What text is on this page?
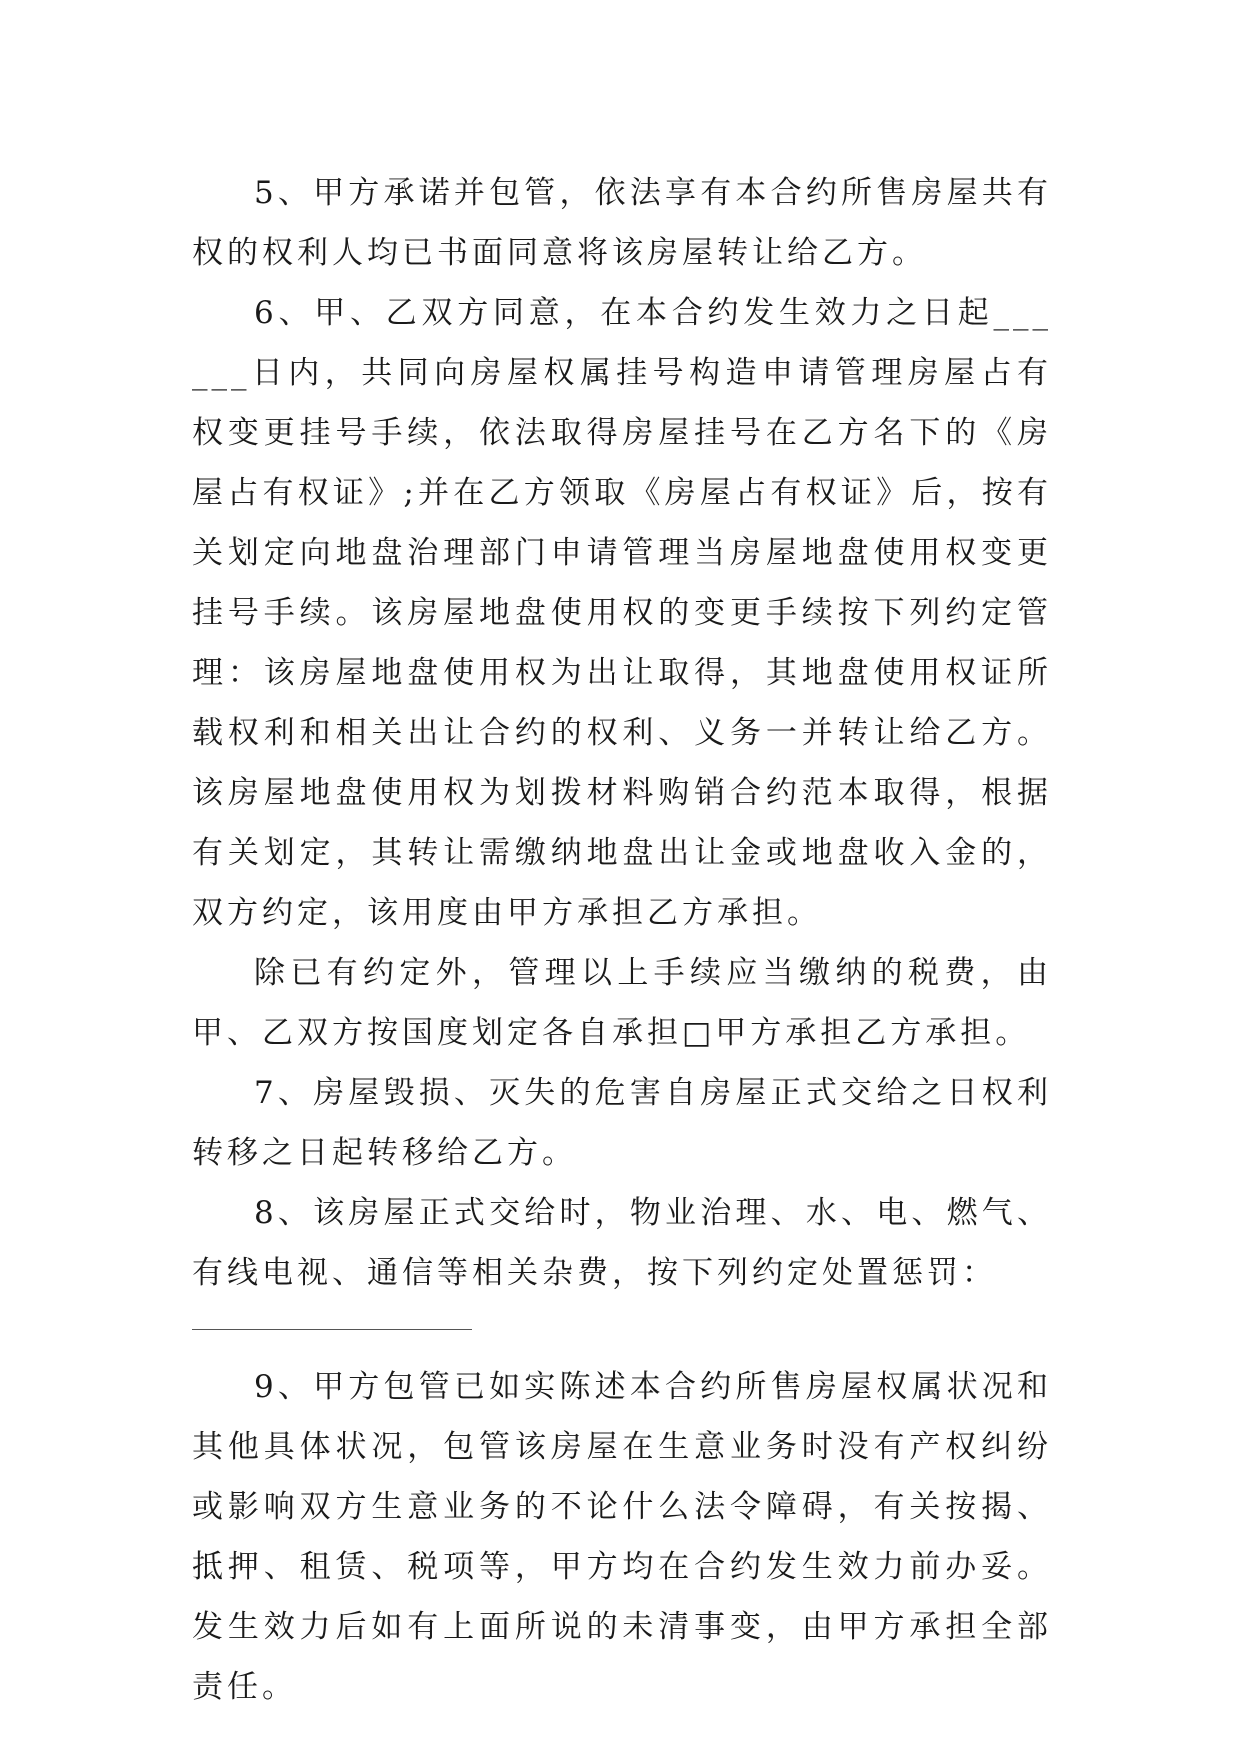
5、甲方承诺并包管，依法享有本合约所售房屋共有权的权利人均已书面同意将该房屋转让给乙方。

6、甲、乙双方同意，在本合约发生效力之日起______日内，共同向房屋权属挂号构造申请管理房屋占有权变更挂号手续，依法取得房屋挂号在乙方名下的《房屋占有权证》;并在乙方领取《房屋占有权证》后，按有关划定向地盘治理部门申请管理当房屋地盘使用权变更挂号手续。该房屋地盘使用权的变更手续按下列约定管理：该房屋地盘使用权为出让取得，其地盘使用权证所载权利和相关出让合约的权利、义务一并转让给乙方。该房屋地盘使用权为划拨材料购销合约范本取得，根据有关划定，其转让需缴纳地盘出让金或地盘收入金的，双方约定，该用度由甲方承担乙方承担。

除已有约定外，管理以上手续应当缴纳的税费，由甲、乙双方按国度划定各自承担□甲方承担乙方承担。

7、房屋毁损、灭失的危害自房屋正式交给之日权利转移之日起转移给乙方。

8、该房屋正式交给时，物业治理、水、电、燃气、有线电视、通信等相关杂费，按下列约定处置惩罚：

9、甲方包管已如实陈述本合约所售房屋权属状况和其他具体状况，包管该房屋在生意业务时没有产权纠纷或影响双方生意业务的不论什么法令障碍，有关按揭、抵押、租赁、税项等，甲方均在合约发生效力前办妥。发生效力后如有上面所说的未清事变，由甲方承担全部责任。
